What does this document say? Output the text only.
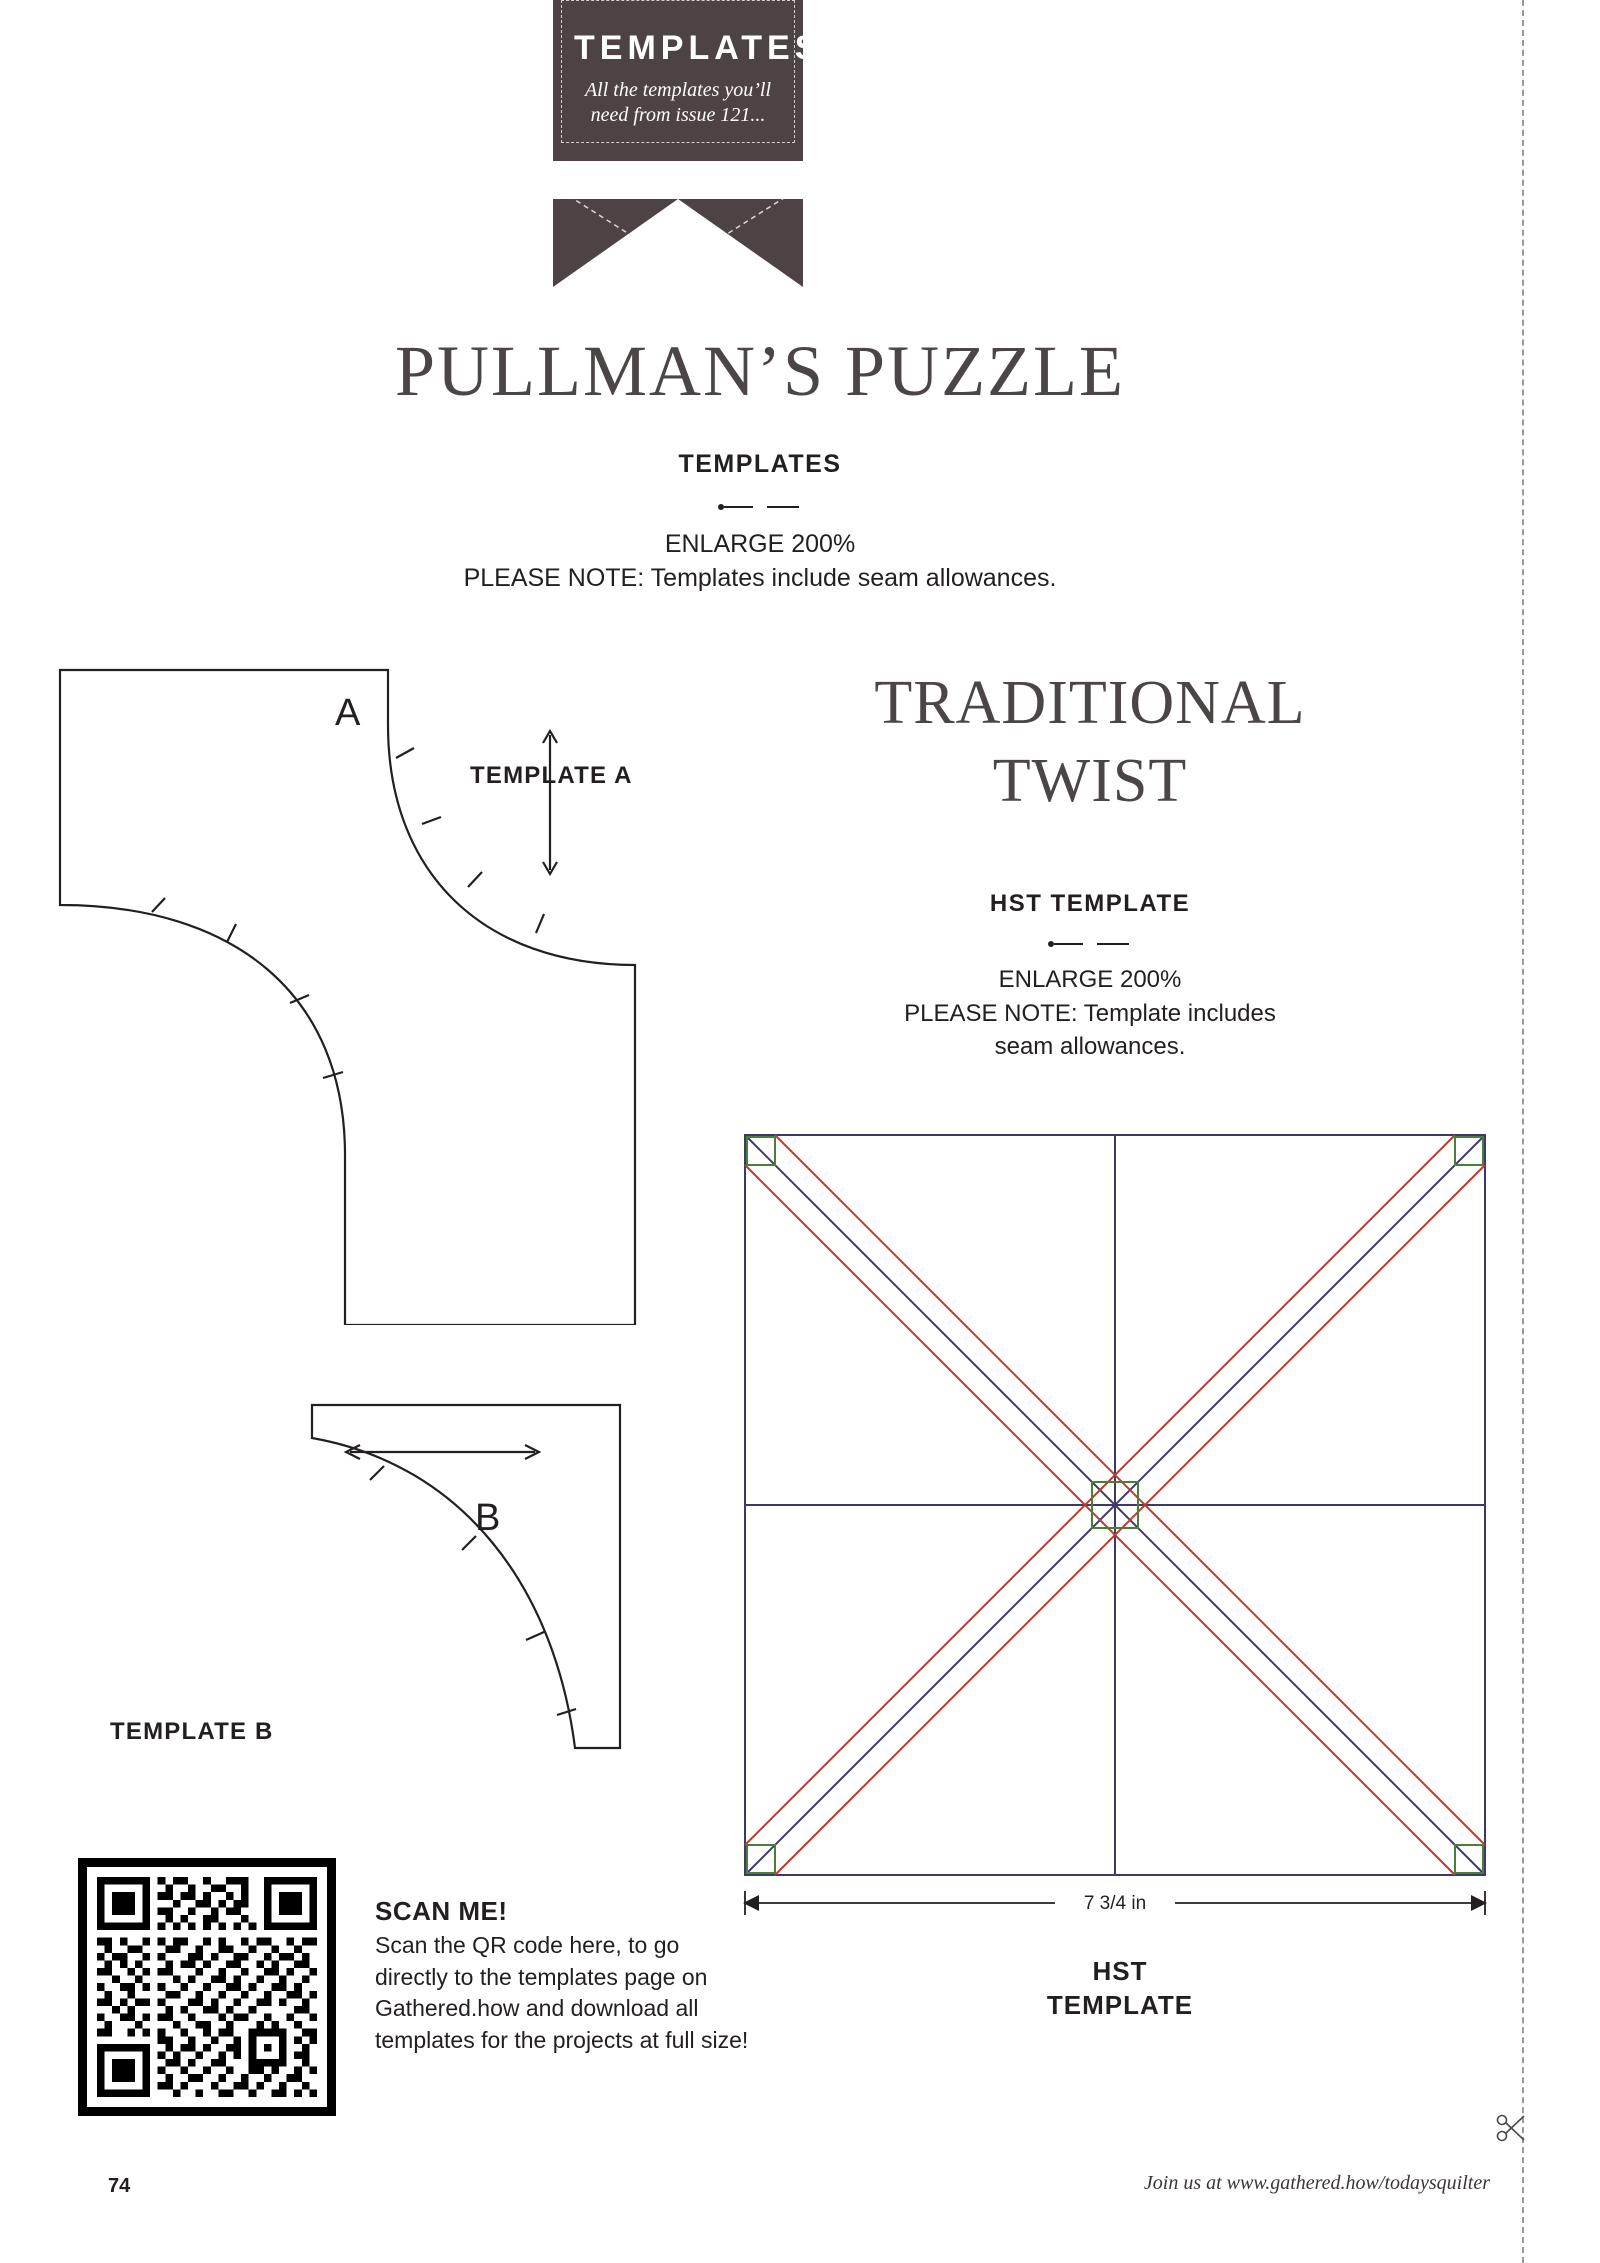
TEMPLATES
All the templates you’ll
need from issue 121...
PULLMAN’S PUZZLE
TEMPLATES
ENLARGE 200%
PLEASE NOTE: Templates include seam allowances.
TRADITIONAL
TWIST
HST TEMPLATE
ENLARGE 200%
PLEASE NOTE: Template includes
seam allowances.
A
B
TEMPLATE A
TEMPLATE B
7 3/4 in
HST
TEMPLATE
SCAN ME!
Scan the QR code here, to go directly to the templates page on Gathered.how and download all templates for the projects at full size!
74	Join us at www.gathered.how/todaysquilter
